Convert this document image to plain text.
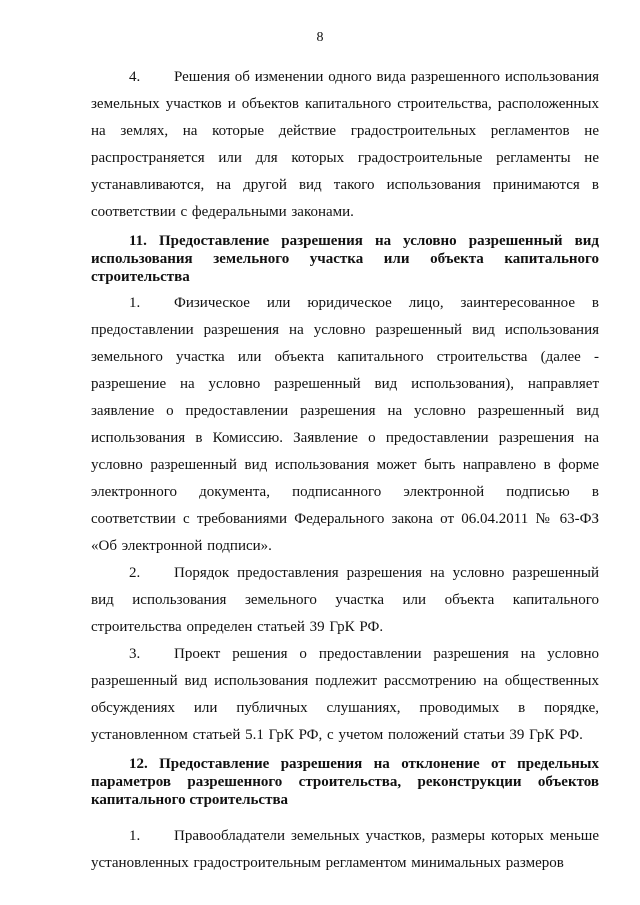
8

4. Решения об изменении одного вида разрешенного использования земельных участков и объектов капитального строительства, расположенных на землях, на которые действие градостроительных регламентов не распространяется или для которых градостроительные регламенты не устанавливаются, на другой вид такого использования принимаются в соответствии с федеральными законами.

11. Предоставление разрешения на условно разрешенный вид использования земельного участка или объекта капитального строительства

1. Физическое или юридическое лицо, заинтересованное в предоставлении разрешения на условно разрешенный вид использования земельного участка или объекта капитального строительства (далее - разрешение на условно разрешенный вид использования), направляет заявление о предоставлении разрешения на условно разрешенный вид использования в Комиссию. Заявление о предоставлении разрешения на условно разрешенный вид использования может быть направлено в форме электронного документа, подписанного электронной подписью в соответствии с требованиями Федерального закона от 06.04.2011 № 63-ФЗ «Об электронной подписи».

2. Порядок предоставления разрешения на условно разрешенный вид использования земельного участка или объекта капитального строительства определен статьей 39 ГрК РФ.

3. Проект решения о предоставлении разрешения на условно разрешенный вид использования подлежит рассмотрению на общественных обсуждениях или публичных слушаниях, проводимых в порядке, установленном статьей 5.1 ГрК РФ, с учетом положений статьи 39 ГрК РФ.

12. Предоставление разрешения на отклонение от предельных параметров разрешенного строительства, реконструкции объектов капитального строительства

1. Правообладатели земельных участков, размеры которых меньше установленных градостроительным регламентом минимальных размеров
